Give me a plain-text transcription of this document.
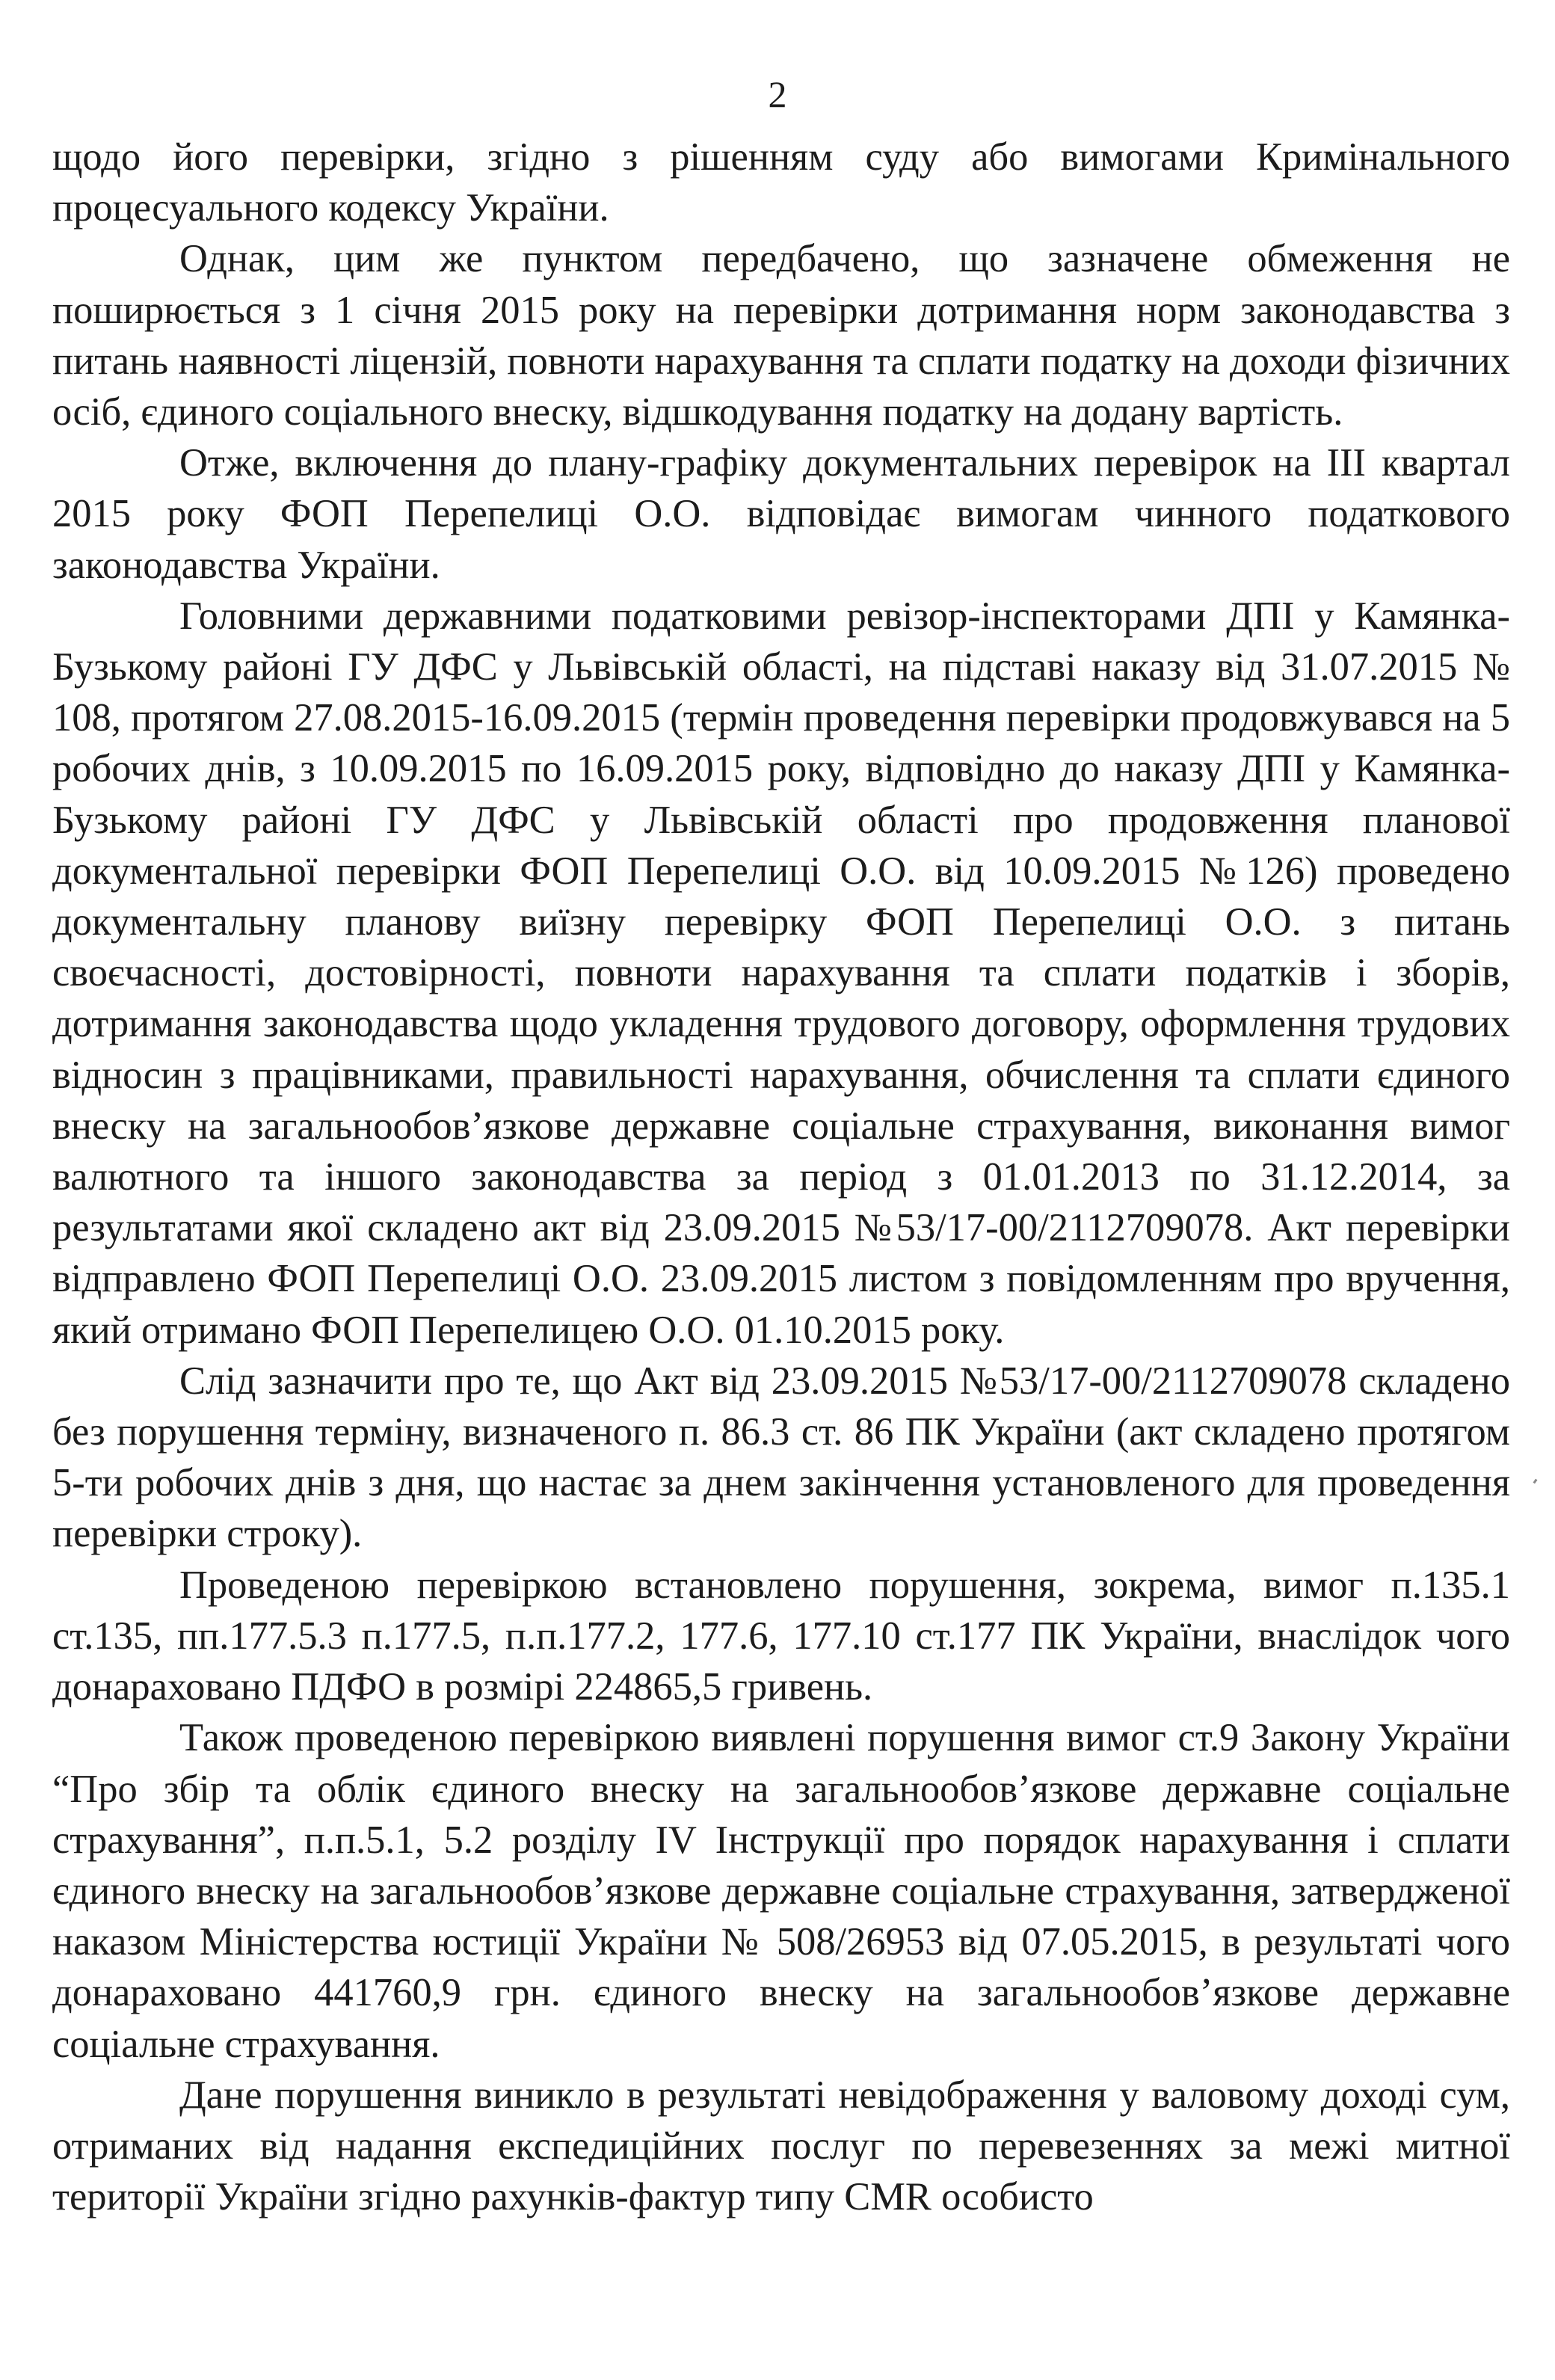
2

щодо його перевірки, згідно з рішенням суду або вимогами Кримінального процесуального кодексу України.

Однак, цим же пунктом передбачено, що зазначене обмеження не поширюється з 1 січня 2015 року на перевірки дотримання норм законодавства з питань наявності ліцензій, повноти нарахування та сплати податку на доходи фізичних осіб, єдиного соціального внеску, відшкодування податку на додану вартість.

Отже, включення до плану-графіку документальних перевірок на ІІІ квартал 2015 року ФОП Перепелиці О.О. відповідає вимогам чинного податкового законодавства України.

Головними державними податковими ревізор-інспекторами ДПІ у Камянка-Бузькому районі ГУ ДФС у Львівській області, на підставі наказу від 31.07.2015 № 108, протягом 27.08.2015-16.09.2015 (термін проведення перевірки продовжувався на 5 робочих днів, з 10.09.2015 по 16.09.2015 року, відповідно до наказу ДПІ у Камянка-Бузькому районі ГУ ДФС у Львівській області про продовження планової документальної перевірки ФОП Перепелиці О.О. від 10.09.2015 №126) проведено документальну планову виїзну перевірку ФОП Перепелиці О.О. з питань своєчасності, достовірності, повноти нарахування та сплати податків і зборів, дотримання законодавства щодо укладення трудового договору, оформлення трудових відносин з працівниками, правильності нарахування, обчислення та сплати єдиного внеску на загальнообов’язкове державне соціальне страхування, виконання вимог валютного та іншого законодавства за період з 01.01.2013 по 31.12.2014, за результатами якої складено акт від 23.09.2015 №53/17-00/2112709078. Акт перевірки відправлено ФОП Перепелиці О.О. 23.09.2015 листом з повідомленням про вручення, який отримано ФОП Перепелицею О.О. 01.10.2015 року.

Слід зазначити про те, що Акт від 23.09.2015 №53/17-00/2112709078 складено без порушення терміну, визначеного п. 86.3 ст. 86 ПК України (акт складено протягом 5-ти робочих днів з дня, що настає за днем закінчення установленого для проведення перевірки строку).

Проведеною перевіркою встановлено порушення, зокрема, вимог п.135.1 ст.135, пп.177.5.3 п.177.5, п.п.177.2, 177.6, 177.10 ст.177 ПК України, внаслідок чого донараховано ПДФО в розмірі 224865,5 гривень.

Також проведеною перевіркою виявлені порушення вимог ст.9 Закону України “Про збір та облік єдиного внеску на загальнообов’язкове державне соціальне страхування”, п.п.5.1, 5.2 розділу IV Інструкції про порядок нарахування і сплати єдиного внеску на загальнообов’язкове державне соціальне страхування, затвердженої наказом Міністерства юстиції України № 508/26953 від 07.05.2015, в результаті чого донараховано 441760,9 грн. єдиного внеску на загальнообов’язкове державне соціальне страхування.

Дане порушення виникло в результаті невідображення у валовому доході сум, отриманих від надання експедиційних послуг по перевезеннях за межі митної території України згідно рахунків-фактур типу CMR особисто
